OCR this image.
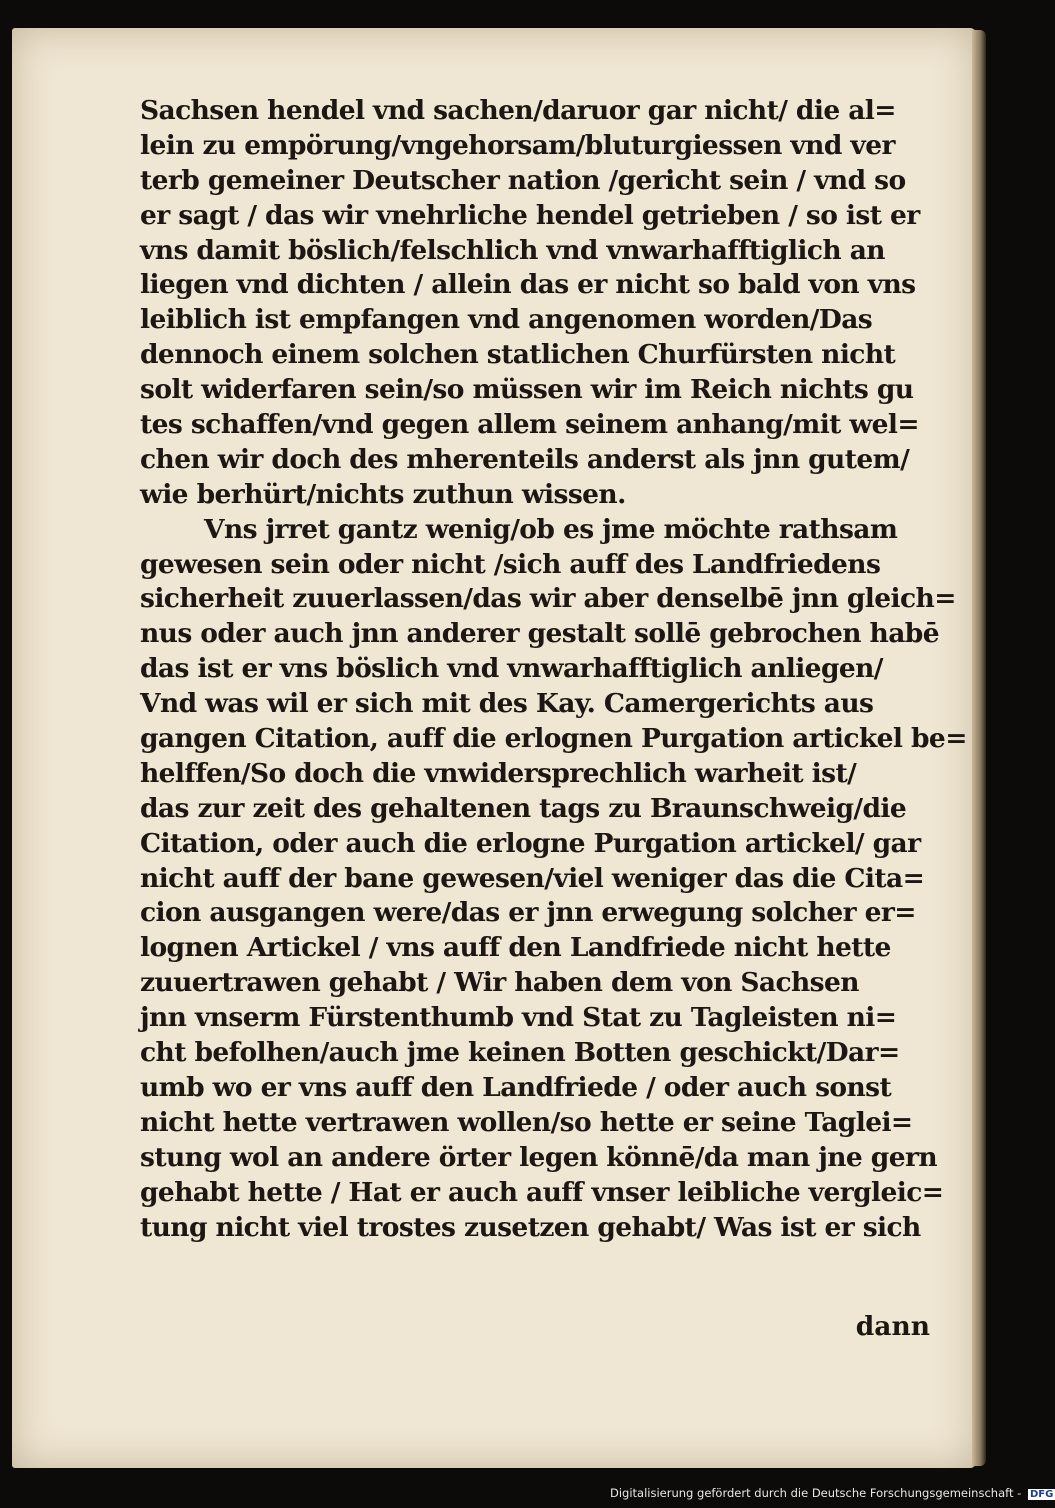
Sachsen hendel vnd sachen/daruor gar nicht/ die al=
lein zu empörung/vngehorsam/bluturgiessen vnd ver
terb gemeiner Deutscher nation /gericht sein / vnd so
er sagt / das wir vnehrliche hendel getrieben / so ist er
vns damit böslich/felschlich vnd vnwarhafftiglich an
liegen vnd dichten / allein das er nicht so bald von vns
leiblich ist empfangen vnd angenomen worden/Das
dennoch einem solchen statlichen Churfürsten nicht
solt widerfaren sein/so müssen wir im Reich nichts gu
tes schaffen/vnd gegen allem seinem anhang/mit wel=
chen wir doch des mherenteils anderst als jnn gutem/
wie berhürt/nichts zuthun wissen.
Vns jrret gantz wenig/ob es jme möchte rathsam
gewesen sein oder nicht /sich auff des Landfriedens
sicherheit zuuerlassen/das wir aber denselbē jnn gleich=
nus oder auch jnn anderer gestalt sollē gebrochen habē
das ist er vns böslich vnd vnwarhafftiglich anliegen/
Vnd was wil er sich mit des Kay. Camergerichts aus
gangen Citation, auff die erlognen Purgation artickel be=
helffen/So doch die vnwidersprechlich warheit ist/
das zur zeit des gehaltenen tags zu Braunschweig/die
Citation, oder auch die erlogne Purgation artickel/ gar
nicht auff der bane gewesen/viel weniger das die Cita=
cion ausgangen were/das er jnn erwegung solcher er=
lognen Artickel / vns auff den Landfriede nicht hette
zuuertrawen gehabt / Wir haben dem von Sachsen
jnn vnserm Fürstenthumb vnd Stat zu Tagleisten ni=
cht befolhen/auch jme keinen Botten geschickt/Dar=
umb wo er vns auff den Landfriede / oder auch sonst
nicht hette vertrawen wollen/so hette er seine Taglei=
stung wol an andere örter legen könnē/da man jne gern
gehabt hette / Hat er auch auff vnser leibliche vergleic=
tung nicht viel trostes zusetzen gehabt/ Was ist er sich
dann
Digitalisierung gefördert durch die Deutsche Forschungsgemeinschaft - DFG
